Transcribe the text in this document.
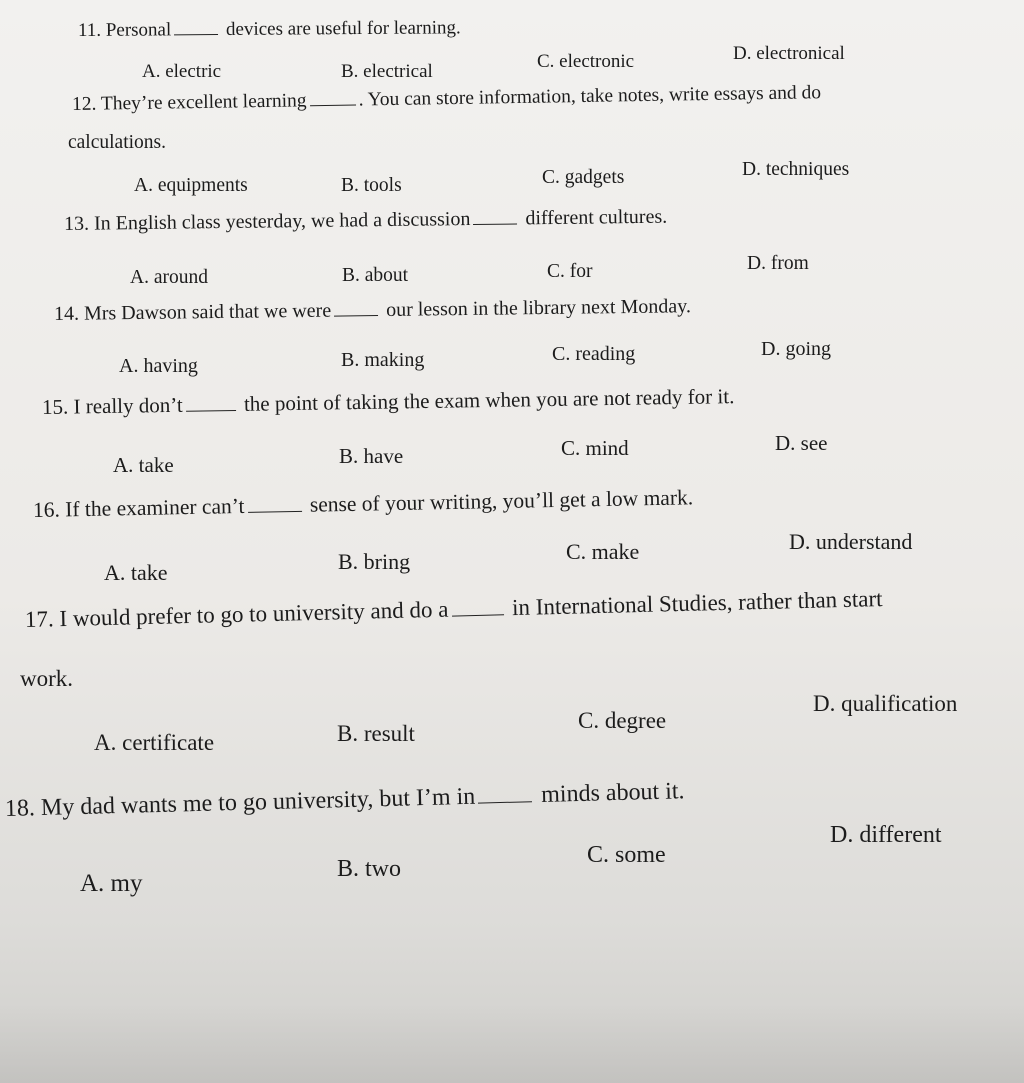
11. Personal	devices are useful for learning.
A. electric	B. electrical	C. electronic	D. electronical
12. They’re excellent learning	. You can store information, take notes, write essays and do
calculations.
A. equipments	B. tools	C. gadgets	D. techniques
13. In English class yesterday, we had a discussion	different cultures.
A. around	B. about	C. for	D. from
14. Mrs Dawson said that we were	our lesson in the library next Monday.
A. having	B. making	C. reading	D. going
15. I really don’t	the point of taking the exam when you are not ready for it.
A. take	B. have	C. mind	D. see
16. If the examiner can’t	sense of your writing, you’ll get a low mark.
A. take	B. bring	C. make	D. understand
17. I would prefer to go to university and do a	in International Studies, rather than start
work.
A. certificate	B. result
C. degree
D. qualification
18. My dad wants me to go university, but I’m in	minds about it.
A. my
B. two
C. some
D. different
